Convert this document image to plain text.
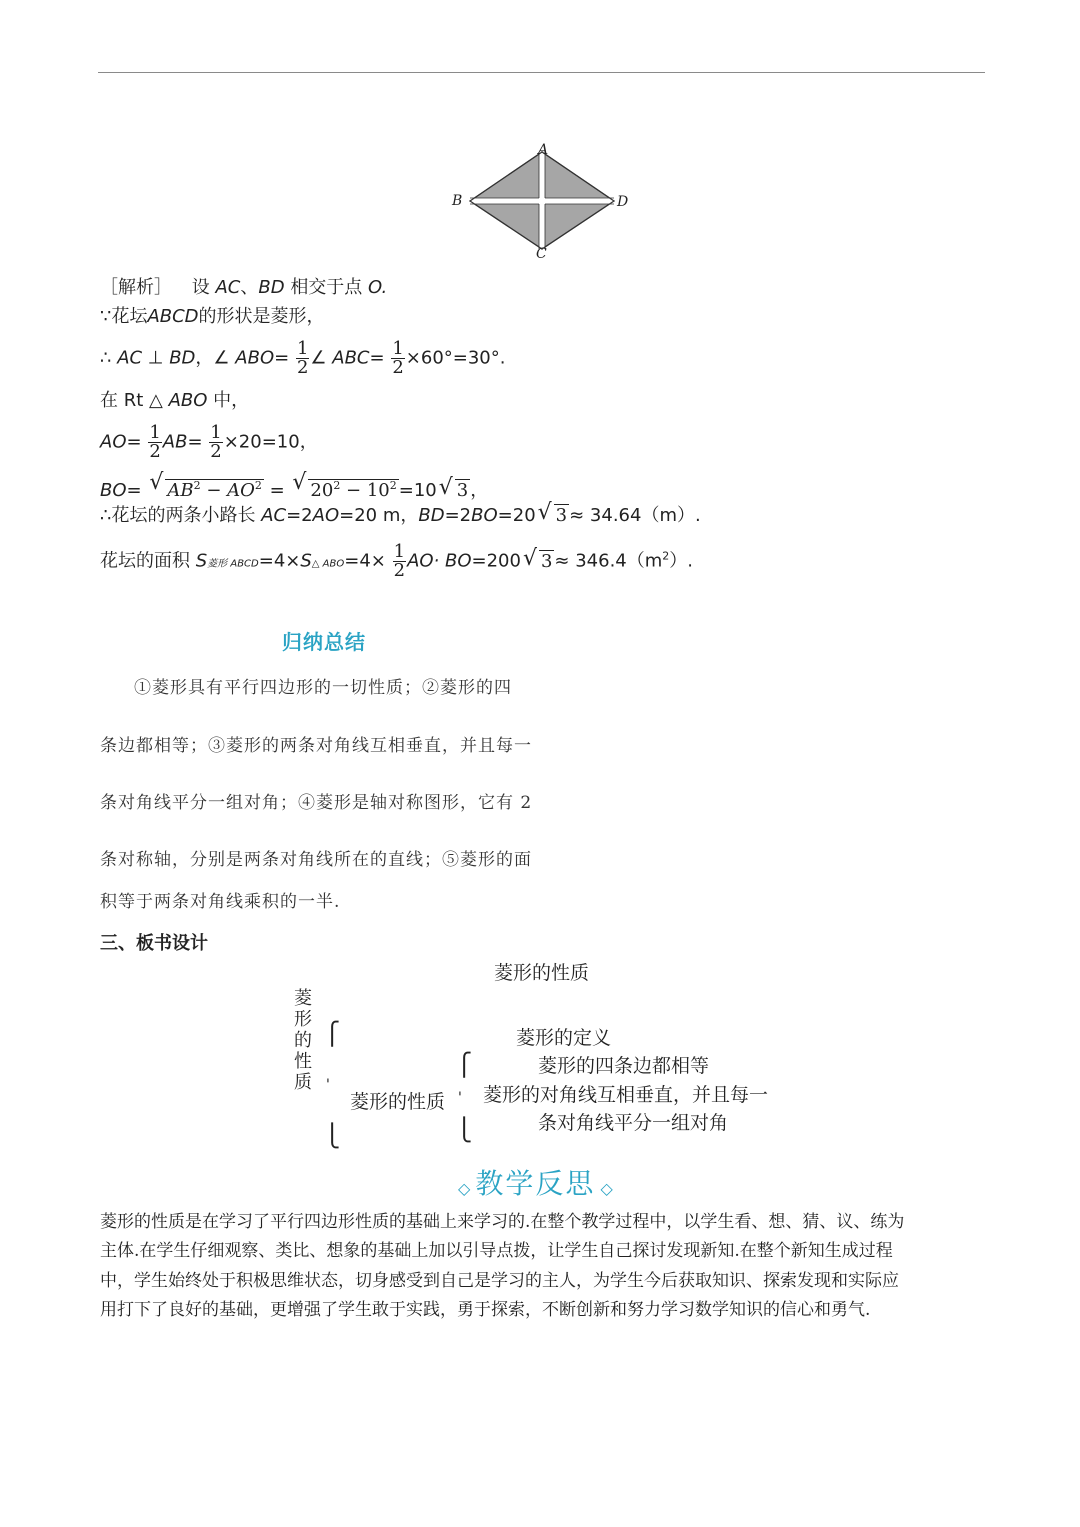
A
B
C
D
［解析］ 设 AC、BD 相交于点 O.
∵花坛ABCD的形状是菱形，
∴ AC ⊥ BD，∠ $ABO= \frac{1}{2}$ ∠ $ABC= \frac{1}{2} \times 60^\circ=30^\circ$.
在 Rt △ ABO 中，
$AO= \frac{1}{2} AB= \frac{1}{2} \times 20=10$，
BO= √ $AB^2 - AO^2$ = √ $20^2 - 10^2 =10√$ 3 ，
∴花坛的两条小路长 AC=2AO=20 m，BD=2BO=20√ 3 ≈ 34.64（m）.
花坛的面积 S菱形 ABCD=4×S△ $ABO=4\times \frac{1}{2} AO\cdot BO=200√$ $3 \approx 346.4(m^2)$.
归纳总结
①菱形具有平行四边形的一切性质；②菱形的四
条边都相等；③菱形的两条对角线互相垂直，并且每一
条对角线平分一组对角；④菱形是轴对称图形，它有 2
条对称轴，分别是两条对角线所在的直线；⑤菱形的面
积等于两条对角线乘积的一半.
三、板书设计
菱形的性质
菱形的性质
⎧
'
⎩
菱形的性质
⎧
'
⎩
菱形的定义
菱形的四条边都相等
菱形的对角线互相垂直，并且每一
条对角线平分一组对角
◇ 教学反思 ◇
菱形的性质是在学习了平行四边形性质的基础上来学习的.在整个教学过程中，以学生看、想、猜、议、练为
主体.在学生仔细观察、类比、想象的基础上加以引导点拨，让学生自己探讨发现新知.在整个新知生成过程
中，学生始终处于积极思维状态，切身感受到自己是学习的主人，为学生今后获取知识、探索发现和实际应
用打下了良好的基础，更增强了学生敢于实践，勇于探索，不断创新和努力学习数学知识的信心和勇气.
